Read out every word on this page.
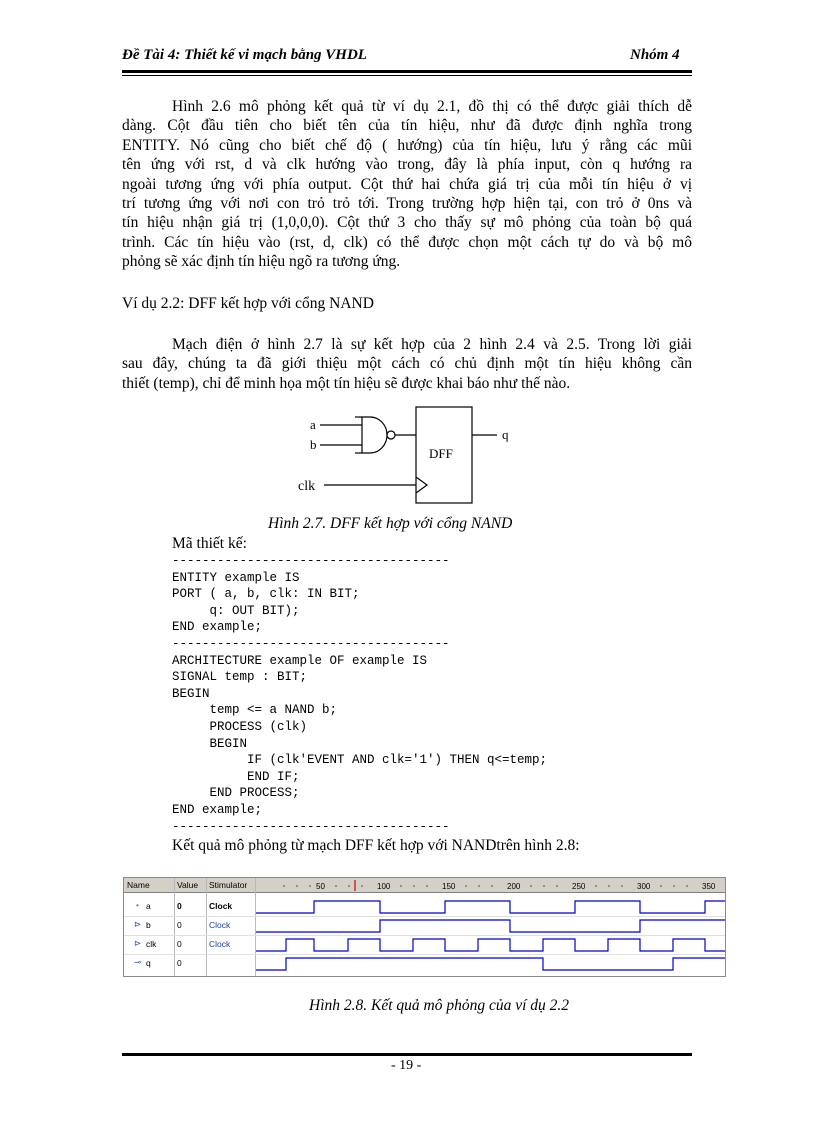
Đề Tài 4: Thiết kế vi mạch bằng VHDL	Nhóm 4
Hình 2.6 mô phỏng kết quả từ ví dụ 2.1, đồ thị có thể được giải thích dễ
dàng. Cột đầu tiên cho biết tên của tín hiệu, như đã được định nghĩa trong
ENTITY. Nó cũng cho biết chế độ ( hướng) của tín hiệu, lưu ý rằng các mũi
tên ứng với rst, d và clk hướng vào trong, đây là phía input, còn q hướng ra
ngoài tương ứng với phía output. Cột thứ hai chứa giá trị của mỗi tín hiệu ở vị
trí tương ứng với nơi con trỏ trỏ tới. Trong trường hợp hiện tại, con trỏ ở 0ns và
tín hiệu nhận giá trị (1,0,0,0). Cột thứ 3 cho thấy sự mô phỏng của toàn bộ quá
trình. Các tín hiệu vào (rst, d, clk) có thể được chọn một cách tự do và bộ mô
phỏng sẽ xác định tín hiệu ngõ ra tương ứng.
Ví dụ 2.2: DFF kết hợp với cổng NAND
Mạch điện ở hình 2.7 là sự kết hợp của 2 hình 2.4 và 2.5. Trong lời giải
sau đây, chúng ta đã giới thiệu một cách có chủ định một tín hiệu không cần
thiết (temp), chỉ để minh họa một tín hiệu sẽ được khai báo như thế nào.
a
b
clk
q
DFF
Hình 2.7. DFF kết hợp với cổng NAND
Mã thiết kế:
-------------------------------------
ENTITY example IS
PORT ( a, b, clk: IN BIT;
q: OUT BIT);
END example;
-------------------------------------
ARCHITECTURE example OF example IS
SIGNAL temp : BIT;
BEGIN
temp <= a NAND b;
PROCESS (clk)
BEGIN
IF (clk'EVENT AND clk='1') THEN q<=temp;
END IF;
END PROCESS;
END example;
-------------------------------------
Kết quả mô phỏng từ mạch DFF kết hợp với NANDtrên hình 2.8:
Name	Value Stimulator
• a	0	Clock
⊳ b	0	Clock
⊳ clk 0	Clock
⊸ q	0
50	100	150	200	250	300	350
Hình 2.8. Kết quả mô phỏng của ví dụ 2.2
- 19 -
